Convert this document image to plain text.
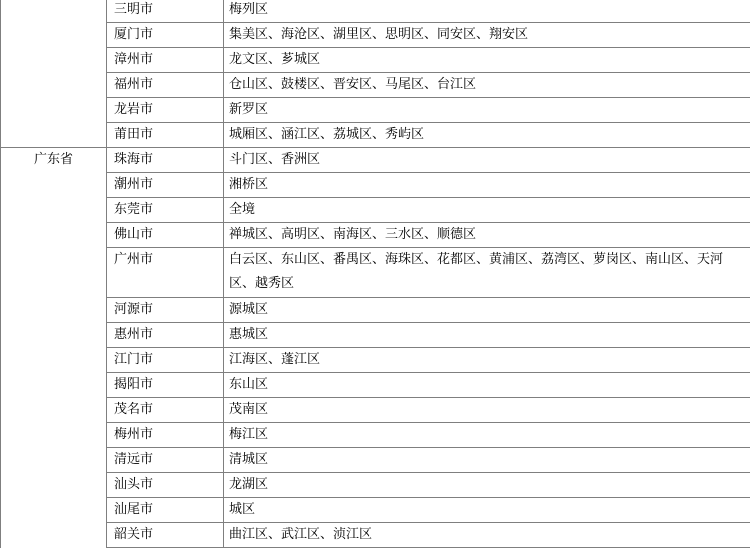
	三明市	梅列区
	厦门市	集美区、海沧区、湖里区、思明区、同安区、翔安区
	漳州市	龙文区、芗城区
	福州市	仓山区、鼓楼区、晋安区、马尾区、台江区
	龙岩市	新罗区
	莆田市	城厢区、涵江区、荔城区、秀屿区
广东省	珠海市	斗门区、香洲区
	潮州市	湘桥区
	东莞市	全境
	佛山市	禅城区、高明区、南海区、三水区、顺德区
	广州市	白云区、东山区、番禺区、海珠区、花都区、黄浦区、荔湾区、萝岗区、南山区、天河区、越秀区
	河源市	源城区
	惠州市	惠城区
	江门市	江海区、蓬江区
	揭阳市	东山区
	茂名市	茂南区
	梅州市	梅江区
	清远市	清城区
	汕头市	龙湖区
	汕尾市	城区
	韶关市	曲江区、武江区、浈江区
